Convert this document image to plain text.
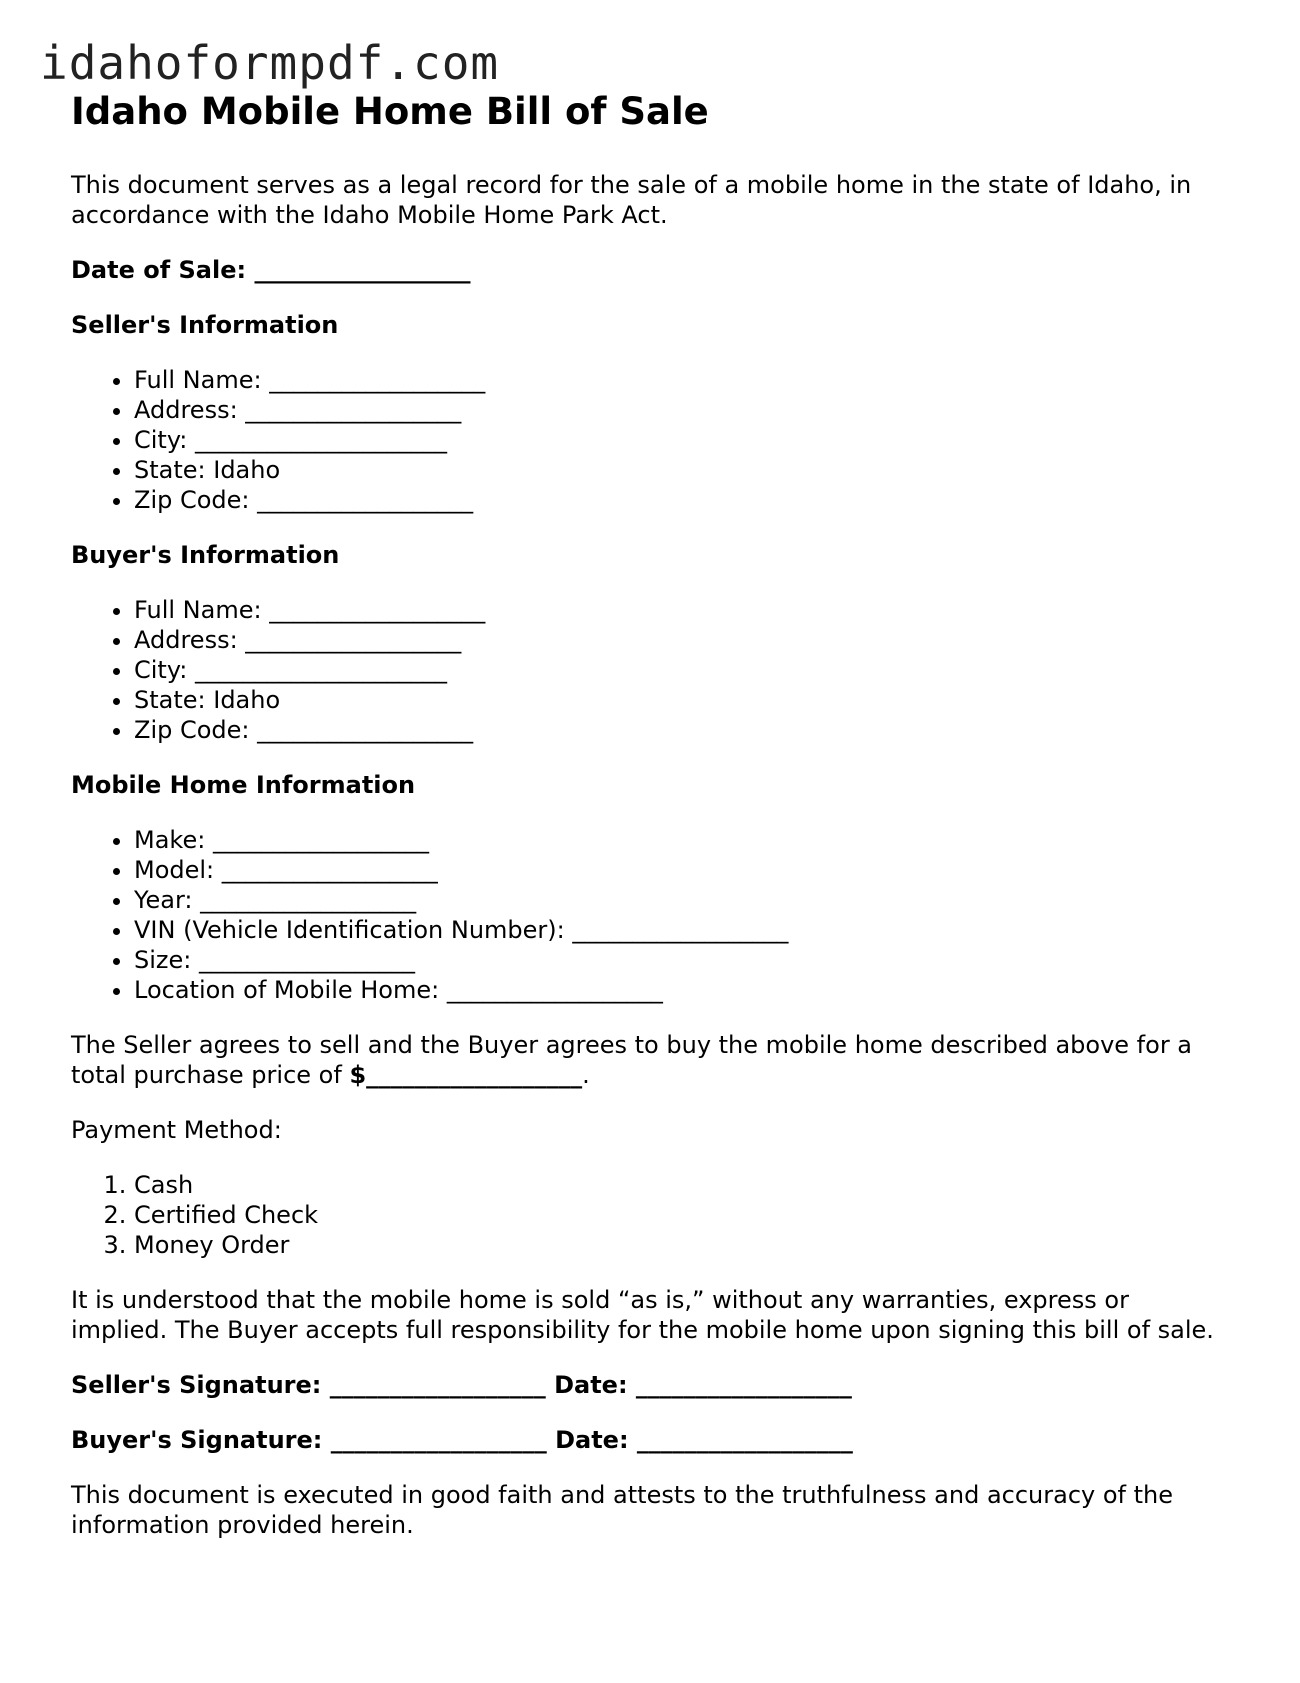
idahoformpdf.com
Idaho Mobile Home Bill of Sale

This document serves as a legal record for the sale of a mobile home in the state of Idaho, in accordance with the Idaho Mobile Home Park Act.

Date of Sale: __________________
Seller's Information
• Full Name: __________________
• Address: __________________
• City: _____________________
• State: Idaho
• Zip Code: __________________
Buyer's Information
• Full Name: __________________
• Address: __________________
• City: _____________________
• State: Idaho
• Zip Code: __________________
Mobile Home Information
• Make: __________________
• Model: __________________
• Year: __________________
• VIN (Vehicle Identification Number): __________________
• Size: __________________
• Location of Mobile Home: __________________

The Seller agrees to sell and the Buyer agrees to buy the mobile home described above for a total purchase price of $__________________.

Payment Method:

1. Cash
2. Certified Check
3. Money Order

It is understood that the mobile home is sold “as is,” without any warranties, express or implied. The Buyer accepts full responsibility for the mobile home upon signing this bill of sale.

Seller's Signature: __________________ Date: __________________
Buyer's Signature: __________________ Date: __________________

This document is executed in good faith and attests to the truthfulness and accuracy of the information provided herein.
